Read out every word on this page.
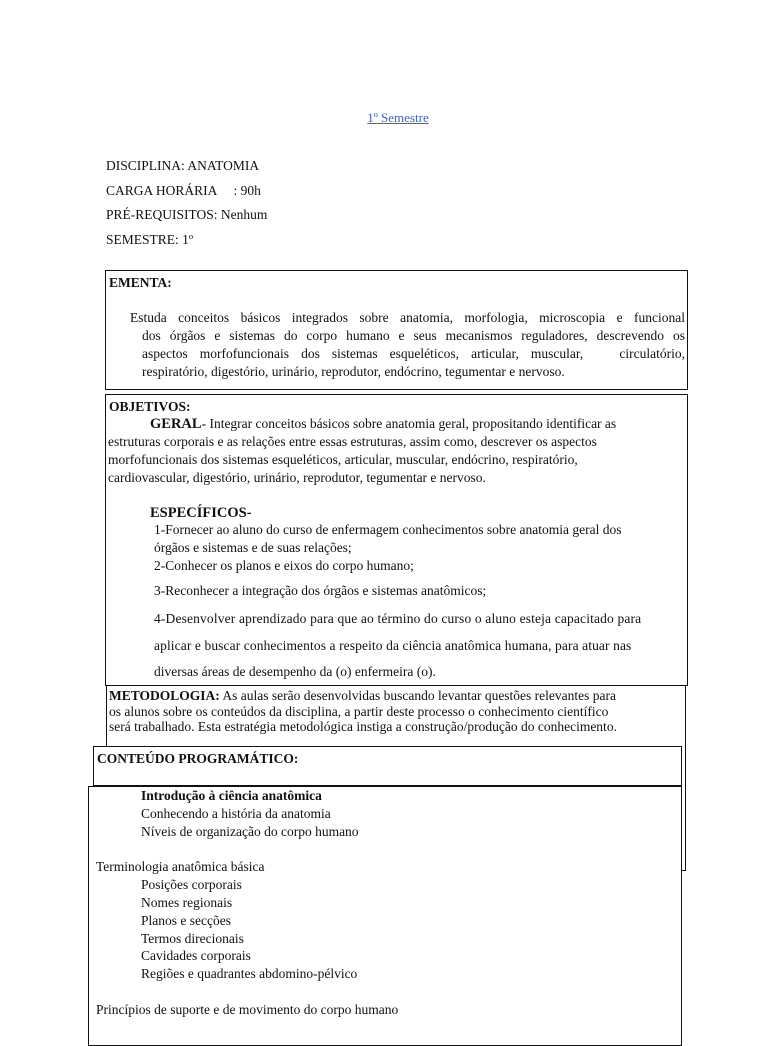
1º Semestre
DISCIPLINA: ANATOMIA
CARGA HORÁRIA     : 90h
PRÉ-REQUISITOS: Nenhum
SEMESTRE: 1º
EMENTA:
Estuda conceitos básicos integrados sobre anatomia, morfologia, microscopia e funcional
dos órgãos e sistemas do corpo humano e seus mecanismos reguladores, descrevendo os
aspectos morfofuncionais dos sistemas esqueléticos, articular, muscular,   circulatório,
respiratório, digestório, urinário, reprodutor, endócrino, tegumentar e nervoso.
OBJETIVOS:
GERAL- Integrar conceitos básicos sobre anatomia geral, propositando identificar as
estruturas corporais e as relações entre essas estruturas, assim como, descrever os aspectos
morfofuncionais dos sistemas esqueléticos, articular, muscular, endócrino, respiratório,
cardiovascular, digestório, urinário, reprodutor, tegumentar e nervoso.
ESPECÍFICOS-
1-Fornecer ao aluno do curso de enfermagem conhecimentos sobre anatomia geral dos
órgãos e sistemas e de suas relações;
2-Conhecer os planos e eixos do corpo humano;
3-Reconhecer a integração dos órgãos e sistemas anatômicos;
4-Desenvolver aprendizado para que ao término do curso o aluno esteja capacitado para
aplicar e buscar conhecimentos a respeito da ciência anatômica humana, para atuar nas
diversas áreas de desempenho da (o) enfermeira (o).
METODOLOGIA: As aulas serão desenvolvidas buscando levantar questões relevantes para
os alunos sobre os conteúdos da disciplina, a partir deste processo o conhecimento científico
será trabalhado. Esta estratégia metodológica instiga a construção/produção do conhecimento.
CONTEÚDO PROGRAMÁTICO:
Introdução à ciência anatômica
Conhecendo a história da anatomia
Níveis de organização do corpo humano
Terminologia anatômica básica
Posições corporais
Nomes regionais
Planos e secções
Termos direcionais
Cavidades corporais
Regiões e quadrantes abdomino-pélvico
Princípios de suporte e de movimento do corpo humano
